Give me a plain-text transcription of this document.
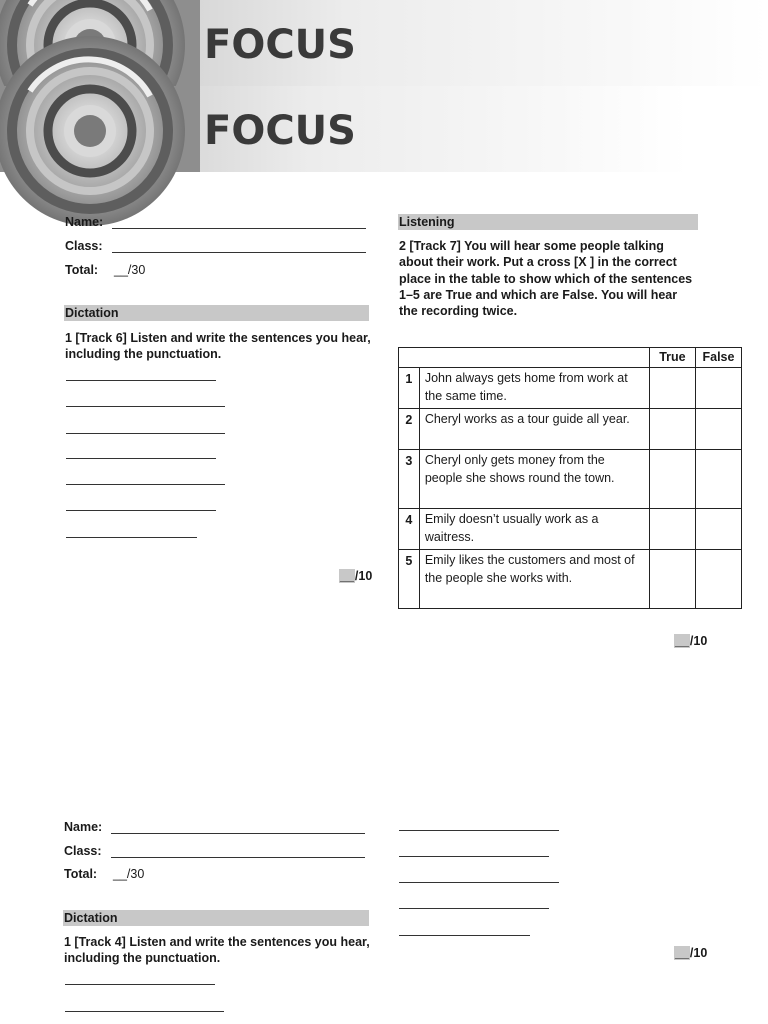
FOCUS
FOCUS
Name:
Class:
Total: __/30
Dictation
1 [Track 6] Listen and write the sentences you hear, including the punctuation.
__/10
Listening
2 [Track 7] You will hear some people talking about their work. Put a cross [X ] in the correct place in the table to show which of the sentences 1–5 are True and which are False. You will hear the recording twice.
		True	False
1	John always gets home from work at the same time.		
2	Cheryl works as a tour guide all year.		
3	Cheryl only gets money from the people she shows round the town.		
4	Emily doesn’t usually work as a waitress.		
5	Emily likes the customers and most of the people she works with.		
__/10
Name:
Class:
Total: __/30
Dictation
1 [Track 4] Listen and write the sentences you hear, including the punctuation.	__/10
